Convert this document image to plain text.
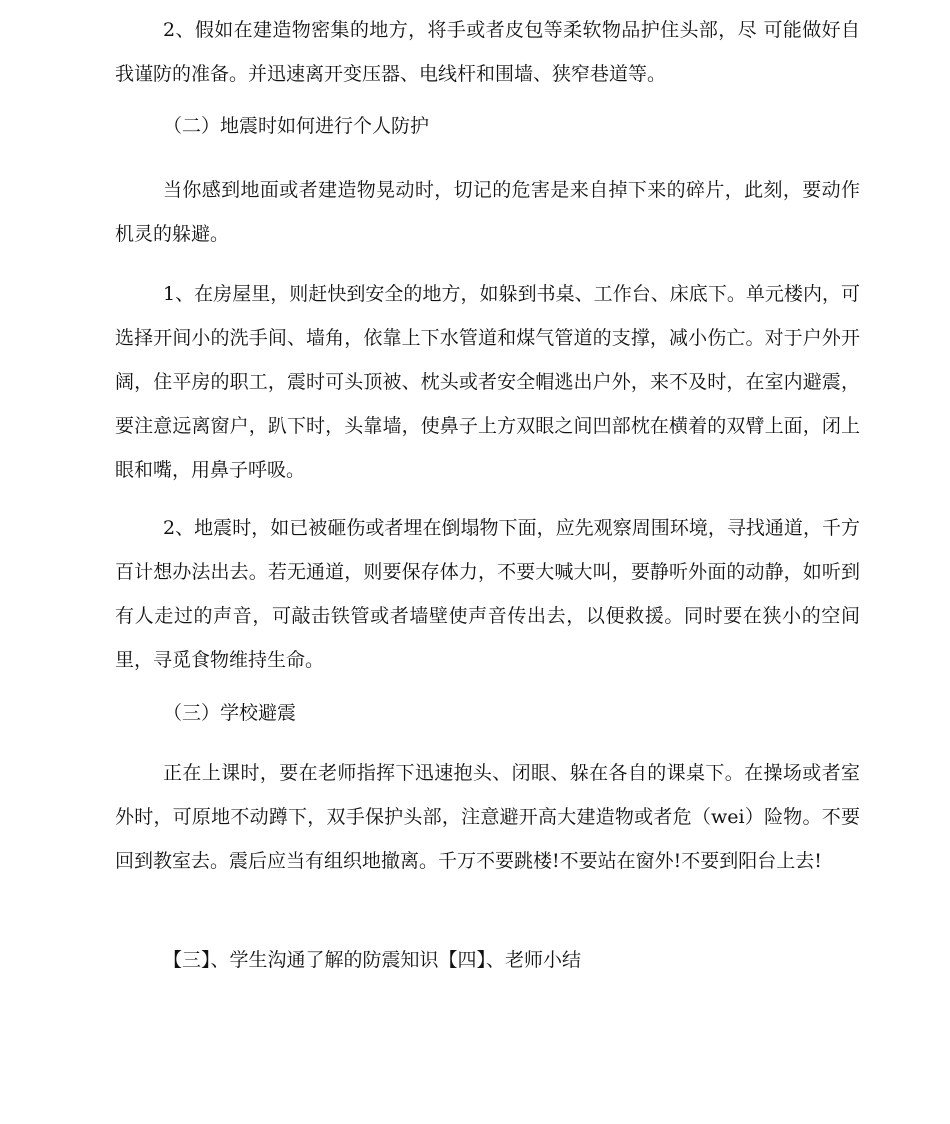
2、假如在建造物密集的地方，将手或者皮包等柔软物品护住头部，尽 可能做好自我谨防的准备。并迅速离开变压器、电线杆和围墙、狭窄巷道等。

（二）地震时如何进行个人防护

当你感到地面或者建造物晃动时，切记的危害是来自掉下来的碎片，此刻，要动作机灵的躲避。

1、在房屋里，则赶快到安全的地方，如躲到书桌、工作台、床底下。单元楼内，可选择开间小的洗手间、墙角，依靠上下水管道和煤气管道的支撑，减小伤亡。对于户外开阔，住平房的职工，震时可头顶被、枕头或者安全帽逃出户外，来不及时，在室内避震，要注意远离窗户，趴下时，头靠墙，使鼻子上方双眼之间凹部枕在横着的双臂上面，闭上眼和嘴，用鼻子呼吸。

2、地震时，如已被砸伤或者埋在倒塌物下面，应先观察周围环境，寻找通道，千方百计想办法出去。若无通道，则要保存体力，不要大喊大叫，要静听外面的动静，如听到有人走过的声音，可敲击铁管或者墙壁使声音传出去，以便救援。同时要在狭小的空间里，寻觅食物维持生命。

（三）学校避震

正在上课时，要在老师指挥下迅速抱头、闭眼、躲在各自的课桌下。在操场或者室外时，可原地不动蹲下，双手保护头部，注意避开高大建造物或者危（wei）险物。不要回到教室去。震后应当有组织地撤离。千万不要跳楼!不要站在窗外!不要到阳台上去!

【三】、学生沟通了解的防震知识【四】、老师小结
